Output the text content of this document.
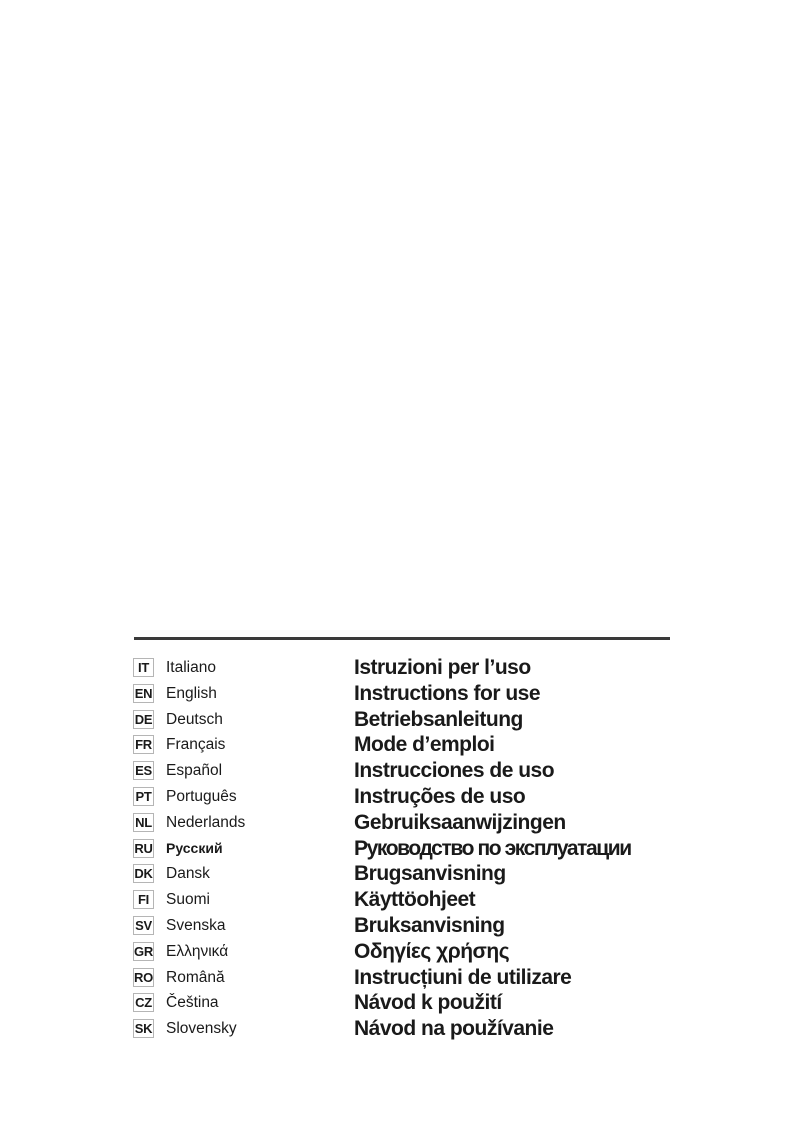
IT	Italiano	Istruzioni per l’uso
EN English	Instructions for use
DE Deutsch	Betriebsanleitung
FR Français	Mode d’emploi
ES Español	Instrucciones de uso
PT Português	Instruções de uso
NL Nederlands	Gebruiksaanwijzingen
RU Русский	Руководство по эксплуатации
DK Dansk	Brugsanvisning
FI	Suomi	Käyttöohjeet
SV Svenska	Bruksanvisning
GR Ελληνικά	Οδηγίες χρήσης
RO Română	Instrucțiuni de utilizare
CZ Čeština	Návod k použití
SK Slovensky	Návod na používanie
